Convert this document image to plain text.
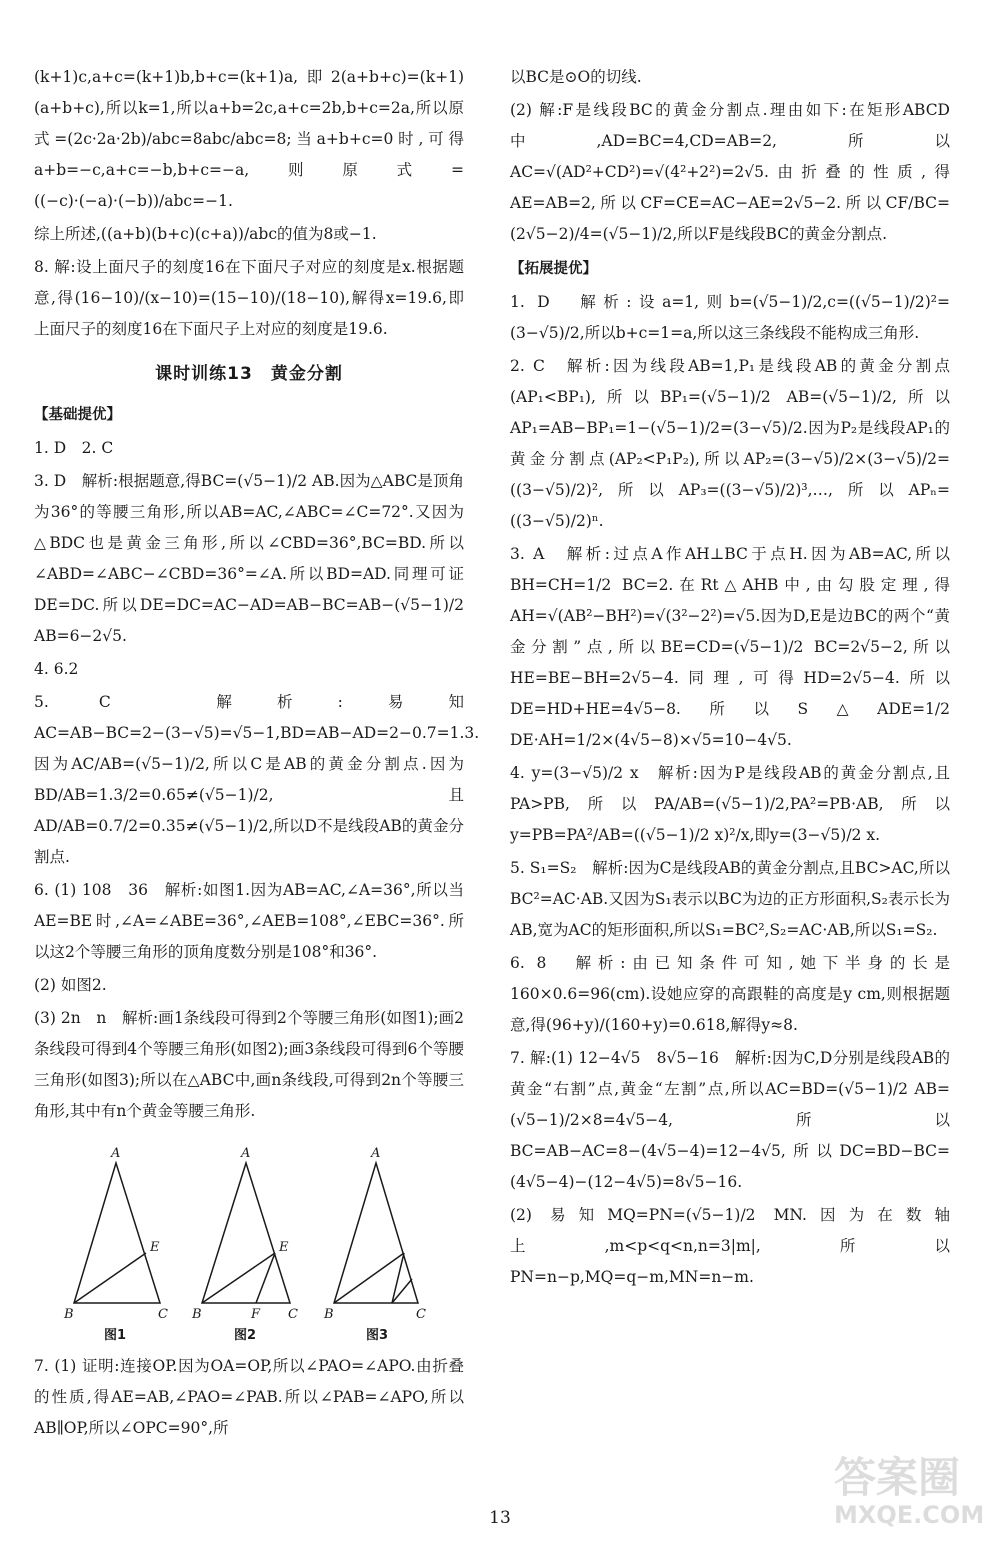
(k+1)c,a+c=(k+1)b,b+c=(k+1)a,即2(a+b+c)=(k+1)(a+b+c),所以k=1,所以a+b=2c,a+c=2b,b+c=2a,所以原式=(2c·2a·2b)/abc=8abc/abc=8;当a+b+c=0时,可得a+b=−c,a+c=−b,b+c=−a,则原式=((−c)·(−a)·(−b))/abc=−1.

综上所述,((a+b)(b+c)(c+a))/abc的值为8或−1.

8. 解:设上面尺子的刻度16在下面尺子对应的刻度是x.根据题意,得(16−10)/(x−10)=(15−10)/(18−10),解得x=19.6,即上面尺子的刻度16在下面尺子上对应的刻度是19.6.

课时训练13　黄金分割
【基础提优】

1. D　2. C

3. D　解析:根据题意,得BC=(√5−1)/2 AB.因为△ABC是顶角为36°的等腰三角形,所以AB=AC,∠ABC=∠C=72°.又因为△BDC也是黄金三角形,所以∠CBD=36°,BC=BD.所以∠ABD=∠ABC−∠CBD=36°=∠A.所以BD=AD.同理可证DE=DC.所以DE=DC=AC−AD=AB−BC=AB−(√5−1)/2 AB=6−2√5.

4. 6.2

5. C　解析:易知AC=AB−BC=2−(3−√5)=√5−1,BD=AB−AD=2−0.7=1.3.因为AC/AB=(√5−1)/2,所以C是AB的黄金分割点.因为BD/AB=1.3/2=0.65≠(√5−1)/2,且AD/AB=0.7/2=0.35≠(√5−1)/2,所以D不是线段AB的黄金分割点.

6. (1) 108　36　解析:如图1.因为AB=AC,∠A=36°,所以当AE=BE时,∠A=∠ABE=36°,∠AEB=108°,∠EBC=36°.所以这2个等腰三角形的顶角度数分别是108°和36°.

(2) 如图2.

(3) 2n　n　解析:画1条线段可得到2个等腰三角形(如图1);画2条线段可得到4个等腰三角形(如图2);画3条线段可得到6个等腰三角形(如图3);所以在△ABC中,画n条线段,可得到2n个等腰三角形,其中有n个黄金等腰三角形.

A
E
B	C
A
E
B	F C
A
B	C
图1	图2	图3

7. (1) 证明:连接OP.因为OA=OP,所以∠PAO=∠APO.由折叠的性质,得AE=AB,∠PAO=∠PAB.所以∠PAB=∠APO,所以AB∥OP,所以∠OPC=90°,所

以BC是⊙O的切线.

(2) 解:F是线段BC的黄金分割点.理由如下:在矩形ABCD中,AD=BC=4,CD=AB=2,所以AC=√(AD²+CD²)=√(4²+2²)=2√5.由折叠的性质,得AE=AB=2,所以CF=CE=AC−AE=2√5−2.所以CF/BC=(2√5−2)/4=(√5−1)/2,所以F是线段BC的黄金分割点.

【拓展提优】

1. D　解析:设a=1,则b=(√5−1)/2,c=((√5−1)/2)²=(3−√5)/2,所以b+c=1=a,所以这三条线段不能构成三角形.

2. C　解析:因为线段AB=1,P₁是线段AB的黄金分割点(AP₁<BP₁),所以BP₁=(√5−1)/2 AB=(√5−1)/2,所以AP₁=AB−BP₁=1−(√5−1)/2=(3−√5)/2.因为P₂是线段AP₁的黄金分割点(AP₂<P₁P₂),所以AP₂=(3−√5)/2×(3−√5)/2=((3−√5)/2)²,所以AP₃=((3−√5)/2)³,…,所以APₙ=((3−√5)/2)ⁿ.

3. A　解析:过点A作AH⊥BC于点H.因为AB=AC,所以BH=CH=1/2 BC=2.在Rt△AHB中,由勾股定理,得AH=√(AB²−BH²)=√(3²−2²)=√5.因为D,E是边BC的两个“黄金分割”点,所以BE=CD=(√5−1)/2 BC=2√5−2,所以HE=BE−BH=2√5−4.同理,可得HD=2√5−4.所以DE=HD+HE=4√5−8.所以S△ADE=1/2 DE·AH=1/2×(4√5−8)×√5=10−4√5.

4. y=(3−√5)/2 x　解析:因为P是线段AB的黄金分割点,且PA>PB,所以PA/AB=(√5−1)/2,PA²=PB·AB,所以y=PB=PA²/AB=((√5−1)/2 x)²/x,即y=(3−√5)/2 x.

5. S₁=S₂　解析:因为C是线段AB的黄金分割点,且BC>AC,所以BC²=AC·AB.又因为S₁表示以BC为边的正方形面积,S₂表示长为AB,宽为AC的矩形面积,所以S₁=BC²,S₂=AC·AB,所以S₁=S₂.

6. 8　解析:由已知条件可知,她下半身的长是160×0.6=96(cm).设她应穿的高跟鞋的高度是y cm,则根据题意,得(96+y)/(160+y)=0.618,解得y≈8.

7. 解:(1) 12−4√5　8√5−16　解析:因为C,D分别是线段AB的黄金“右割”点,黄金“左割”点,所以AC=BD=(√5−1)/2 AB=(√5−1)/2×8=4√5−4,所以BC=AB−AC=8−(4√5−4)=12−4√5,所以DC=BD−BC=(4√5−4)−(12−4√5)=8√5−16.

(2) 易知MQ=PN=(√5−1)/2 MN.因为在数轴上,m<p<q<n,n=3|m|,所以PN=n−p,MQ=q−m,MN=n−m.

13
答案圈
MXQE.COM
